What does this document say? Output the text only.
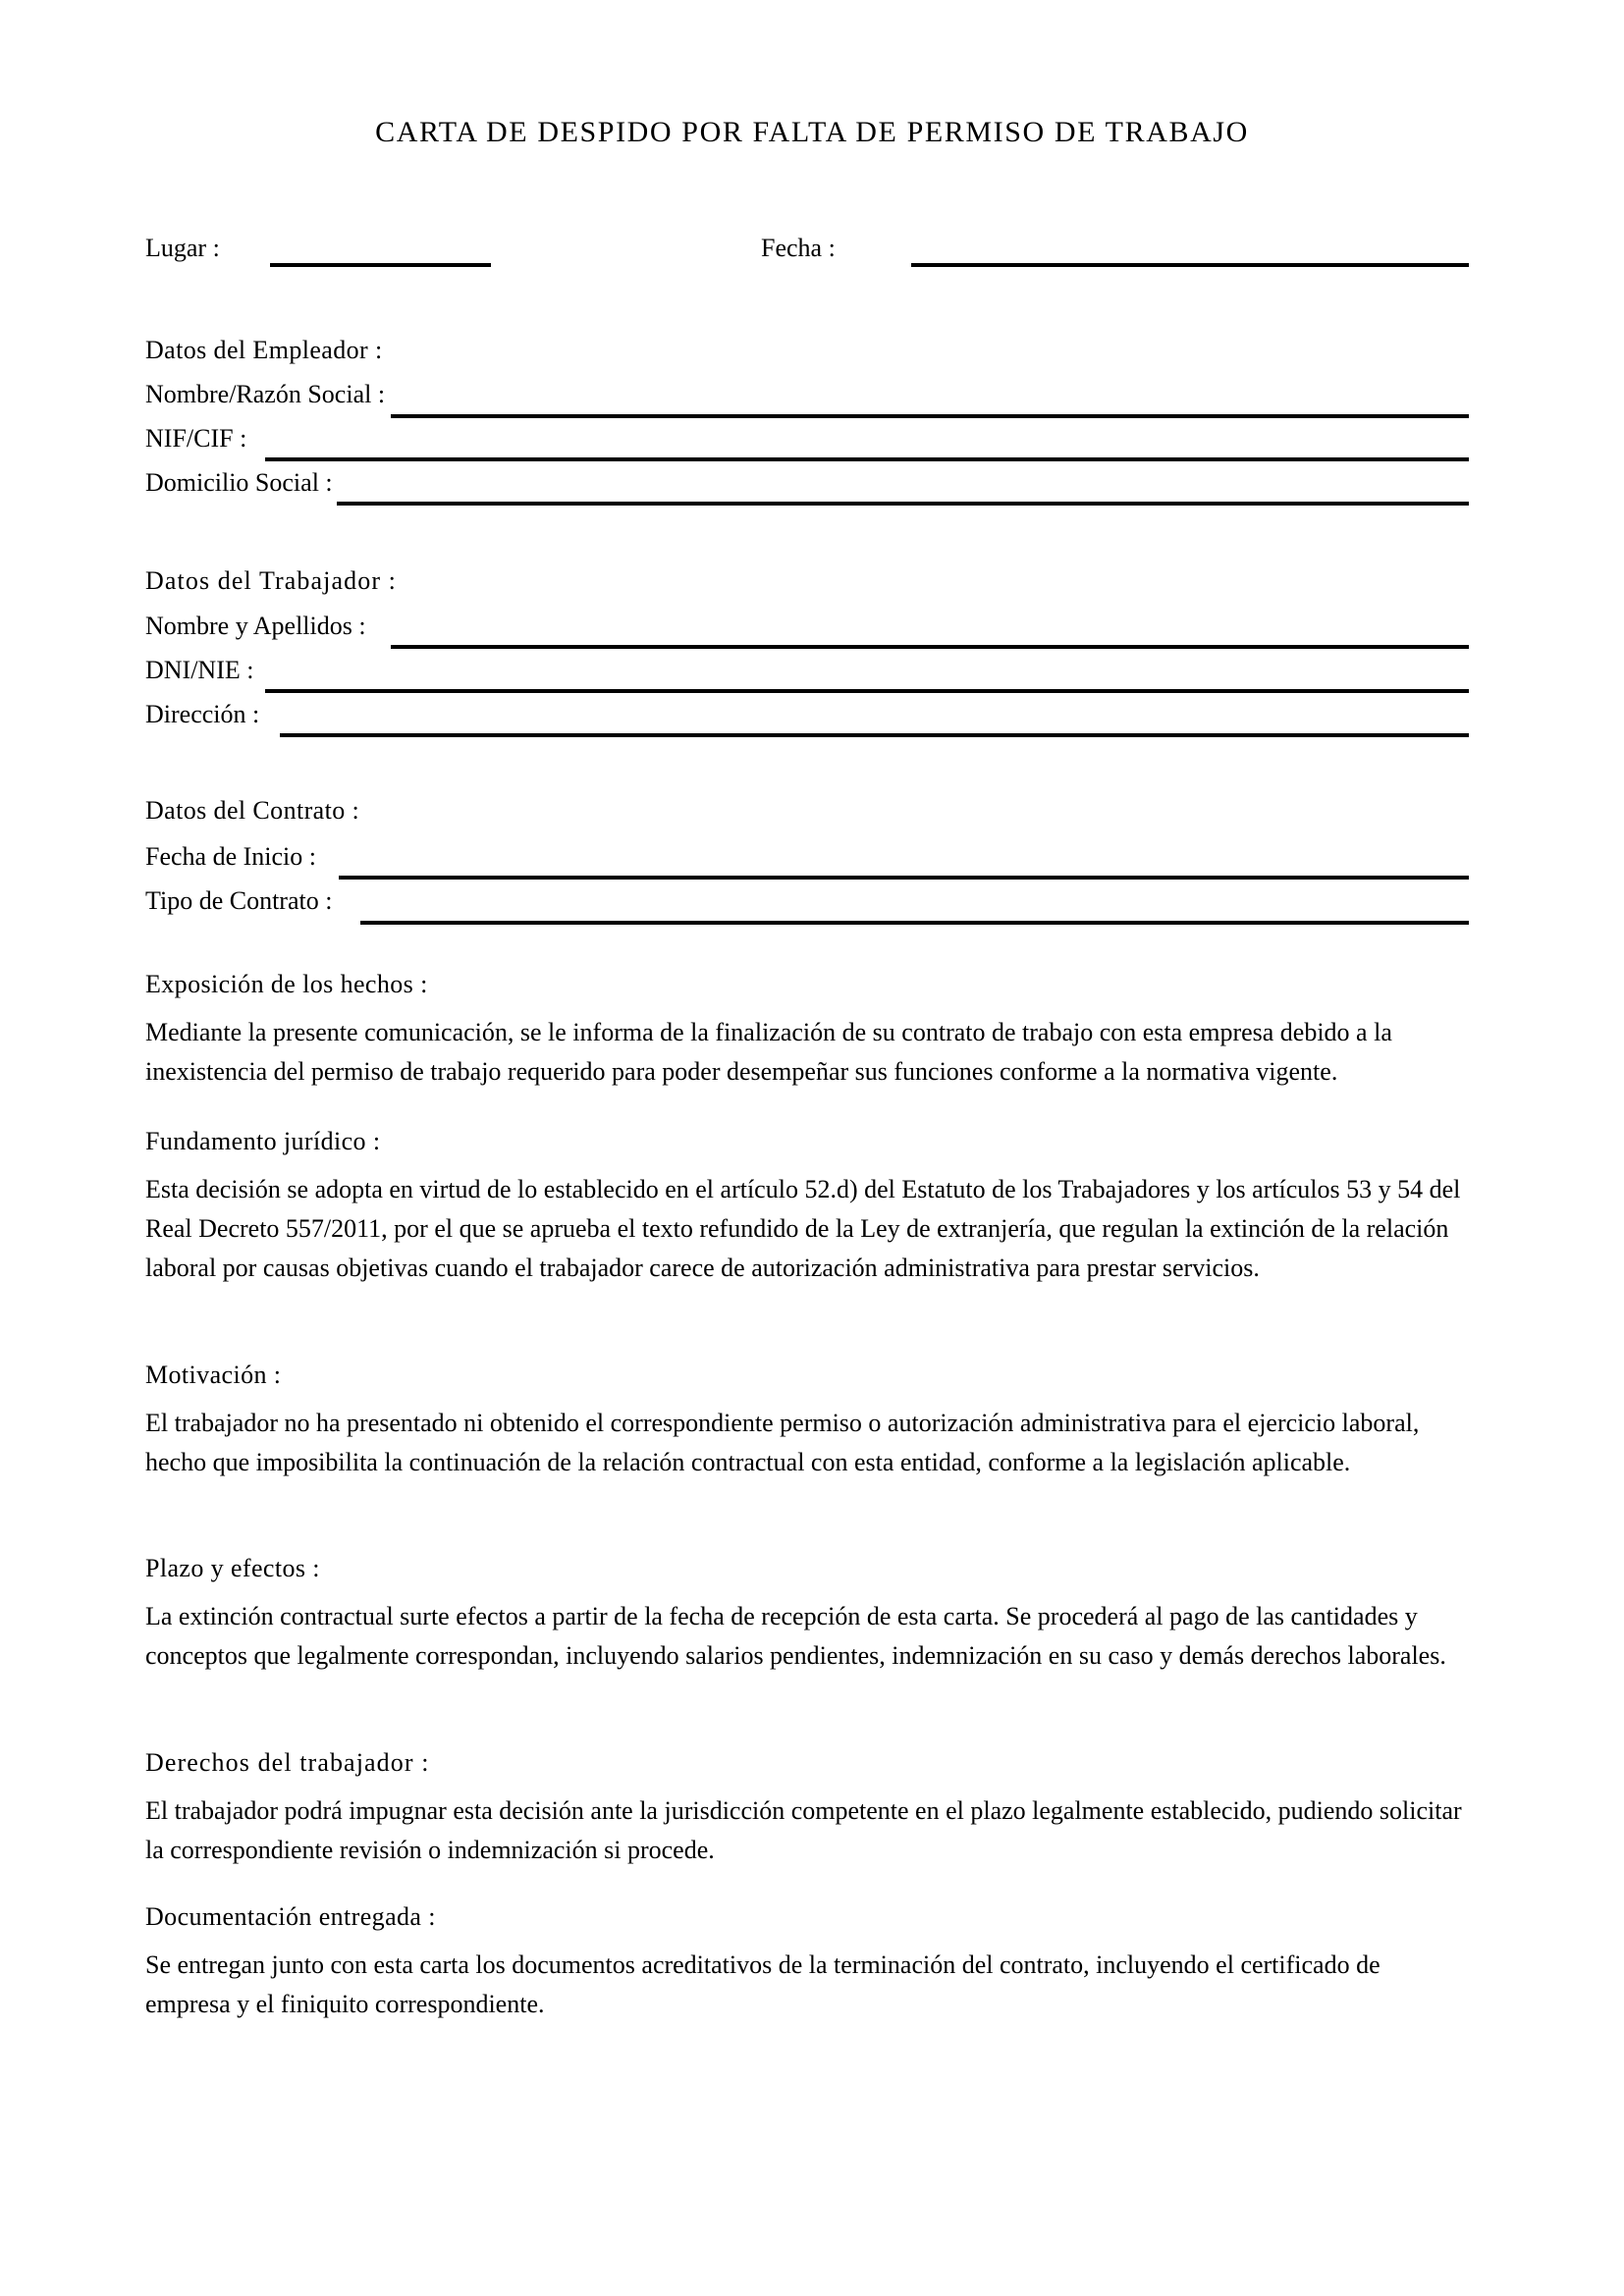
CARTA DE DESPIDO POR FALTA DE PERMISO DE TRABAJO
Lugar :	Fecha :
Datos del Empleador :
Nombre/Razón Social :
NIF/CIF :
Domicilio Social :
Datos del Trabajador :
Nombre y Apellidos :
DNI/NIE :
Dirección :
Datos del Contrato :
Fecha de Inicio :
Tipo de Contrato :
Exposición de los hechos :
Mediante la presente comunicación, se le informa de la finalización de su contrato de trabajo con esta empresa debido a la inexistencia del permiso de trabajo requerido para poder desempeñar sus funciones conforme a la normativa vigente.
Fundamento jurídico :
Esta decisión se adopta en virtud de lo establecido en el artículo 52.d) del Estatuto de los Trabajadores y los artículos 53 y 54 del Real Decreto 557/2011, por el que se aprueba el texto refundido de la Ley de extranjería, que regulan la extinción de la relación laboral por causas objetivas cuando el trabajador carece de autorización administrativa para prestar servicios.
Motivación :
El trabajador no ha presentado ni obtenido el correspondiente permiso o autorización administrativa para el ejercicio laboral, hecho que imposibilita la continuación de la relación contractual con esta entidad, conforme a la legislación aplicable.
Plazo y efectos :
La extinción contractual surte efectos a partir de la fecha de recepción de esta carta. Se procederá al pago de las cantidades y conceptos que legalmente correspondan, incluyendo salarios pendientes, indemnización en su caso y demás derechos laborales.
Derechos del trabajador :
El trabajador podrá impugnar esta decisión ante la jurisdicción competente en el plazo legalmente establecido, pudiendo solicitar la correspondiente revisión o indemnización si procede.
Documentación entregada :
Se entregan junto con esta carta los documentos acreditativos de la terminación del contrato, incluyendo el certificado de empresa y el finiquito correspondiente.
